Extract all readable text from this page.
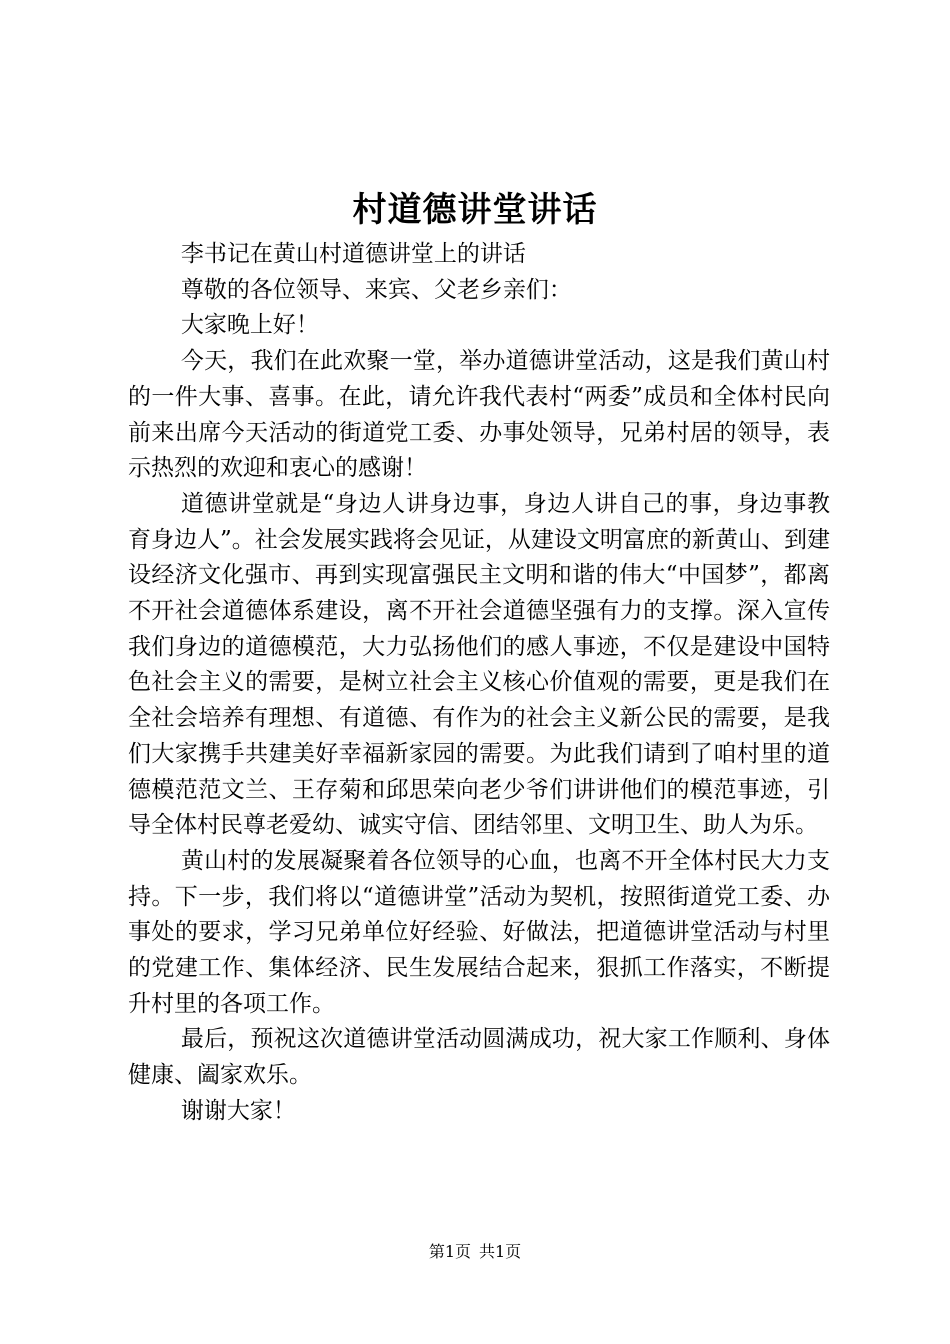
村道德讲堂讲话

李书记在黄山村道德讲堂上的讲话

尊敬的各位领导、来宾、父老乡亲们：

大家晚上好！

今天，我们在此欢聚一堂，举办道德讲堂活动，这是我们黄山村的一件大事、喜事。在此，请允许我代表村“两委”成员和全体村民向前来出席今天活动的街道党工委、办事处领导，兄弟村居的领导，表示热烈的欢迎和衷心的感谢！

道德讲堂就是“身边人讲身边事，身边人讲自己的事，身边事教育身边人”。社会发展实践将会见证，从建设文明富庶的新黄山、到建设经济文化强市、再到实现富强民主文明和谐的伟大“中国梦”，都离不开社会道德体系建设，离不开社会道德坚强有力的支撑。深入宣传我们身边的道德模范，大力弘扬他们的感人事迹，不仅是建设中国特色社会主义的需要，是树立社会主义核心价值观的需要，更是我们在全社会培养有理想、有道德、有作为的社会主义新公民的需要，是我们大家携手共建美好幸福新家园的需要。为此我们请到了咱村里的道德模范范文兰、王存菊和邱思荣向老少爷们讲讲他们的模范事迹，引导全体村民尊老爱幼、诚实守信、团结邻里、文明卫生、助人为乐。

黄山村的发展凝聚着各位领导的心血，也离不开全体村民大力支持。下一步，我们将以“道德讲堂”活动为契机，按照街道党工委、办事处的要求，学习兄弟单位好经验、好做法，把道德讲堂活动与村里的党建工作、集体经济、民生发展结合起来，狠抓工作落实，不断提升村里的各项工作。

最后，预祝这次道德讲堂活动圆满成功，祝大家工作顺利、身体健康、阖家欢乐。

谢谢大家！

第1页 共1页
